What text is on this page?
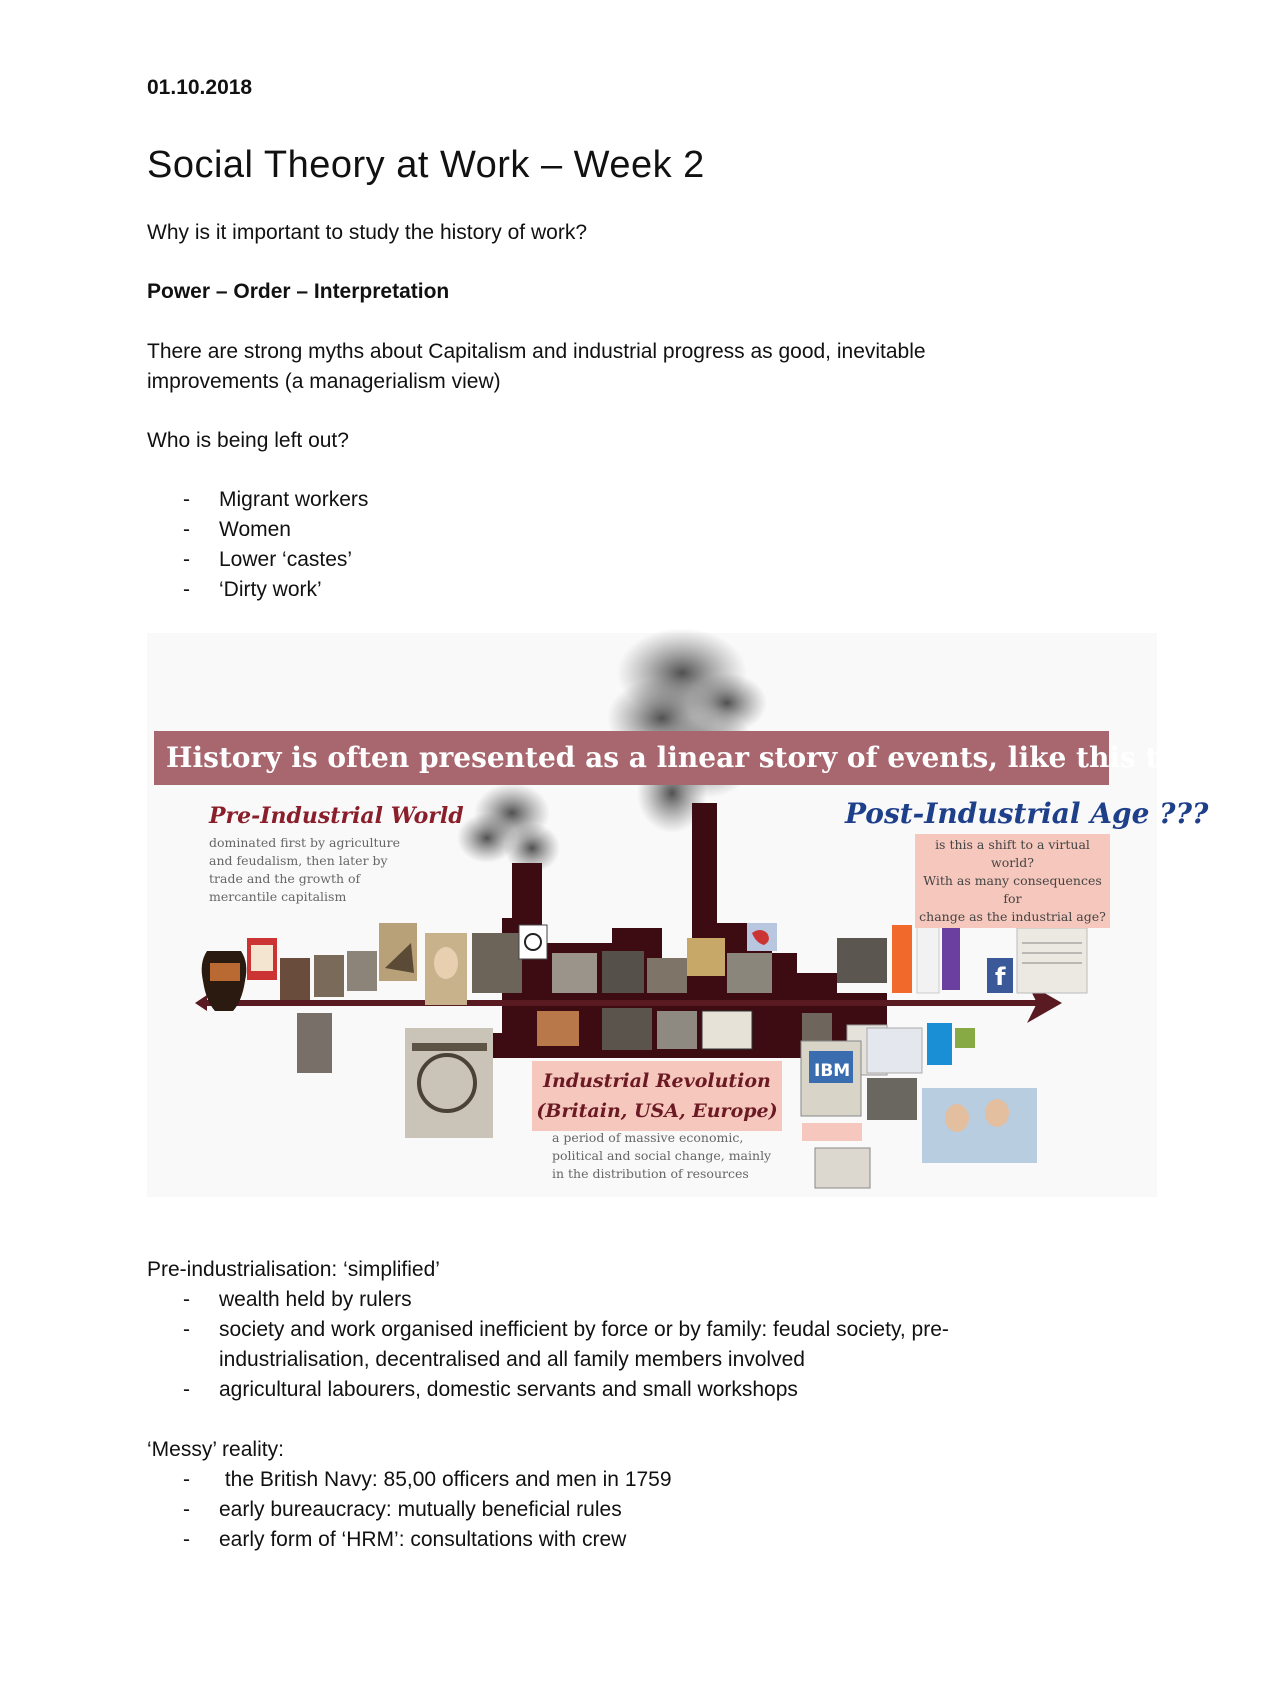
01.10.2018

Social Theory at Work – Week 2

Why is it important to study the history of work?

Power – Order – Interpretation

There are strong myths about Capitalism and industrial progress as good, inevitable improvements (a managerialism view)

Who is being left out?

- Migrant workers
- Women
- Lower ‘castes’
- ‘Dirty work’
f
IBM
History is often presented as a linear story of events, like this timeline
Pre-Industrial World
dominated first by agriculture
and feudalism, then later by
trade and the growth of
mercantile capitalism
Post-Industrial Age ???
is this a shift to a virtual world?
With as many consequences for
change as the industrial age?
Industrial Revolution
(Britain, USA, Europe)
a period of massive economic,
political and social change, mainly
in the distribution of resources

Pre-industrialisation: ‘simplified’

- wealth held by rulers
- society and work organised inefficient by force or by family: feudal society, pre-industrialisation, decentralised and all family members involved
- agricultural labourers, domestic servants and small workshops

‘Messy’ reality:

-  the British Navy: 85,00 officers and men in 1759
- early bureaucracy: mutually beneficial rules
- early form of ‘HRM’: consultations with crew
